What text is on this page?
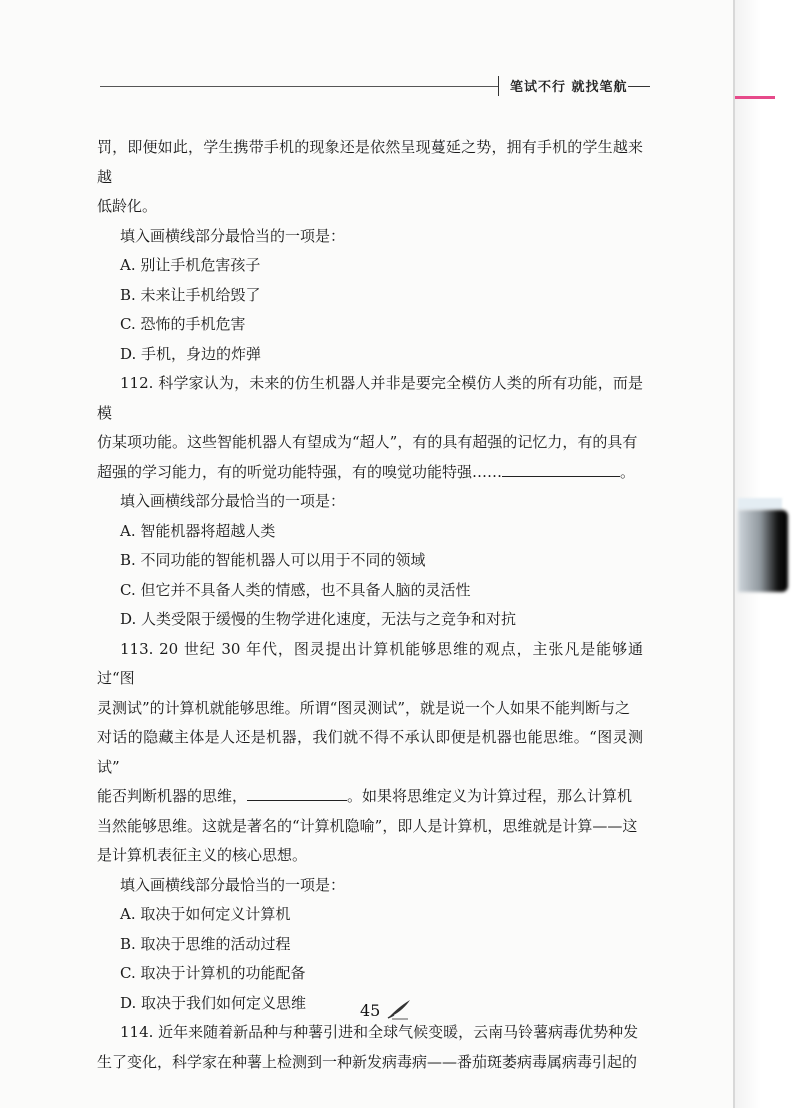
笔试不行 就找笔航

罚，即便如此，学生携带手机的现象还是依然呈现蔓延之势，拥有手机的学生越来越

低龄化。

填入画横线部分最恰当的一项是：

A. 别让手机危害孩子

B. 未来让手机给毁了

C. 恐怖的手机危害

D. 手机，身边的炸弹

112. 科学家认为，未来的仿生机器人并非是要完全模仿人类的所有功能，而是模

仿某项功能。这些智能机器人有望成为“超人”，有的具有超强的记忆力，有的具有

超强的学习能力，有的听觉功能特强，有的嗅觉功能特强……	。

填入画横线部分最恰当的一项是：

A. 智能机器将超越人类

B. 不同功能的智能机器人可以用于不同的领域

C. 但它并不具备人类的情感，也不具备人脑的灵活性

D. 人类受限于缓慢的生物学进化速度，无法与之竞争和对抗

113. 20 世纪 30 年代，图灵提出计算机能够思维的观点，主张凡是能够通过“图

灵测试”的计算机就能够思维。所谓“图灵测试”，就是说一个人如果不能判断与之

对话的隐藏主体是人还是机器，我们就不得不承认即便是机器也能思维。“图灵测试”

能否判断机器的思维，	。如果将思维定义为计算过程，那么计算机

当然能够思维。这就是著名的“计算机隐喻”，即人是计算机，思维就是计算——这

是计算机表征主义的核心思想。

填入画横线部分最恰当的一项是：

A. 取决于如何定义计算机

B. 取决于思维的活动过程

C. 取决于计算机的功能配备

D. 取决于我们如何定义思维

114. 近年来随着新品种与种薯引进和全球气候变暖，云南马铃薯病毒优势种发

生了变化，科学家在种薯上检测到一种新发病毒病——番茄斑萎病毒属病毒引起的

45
